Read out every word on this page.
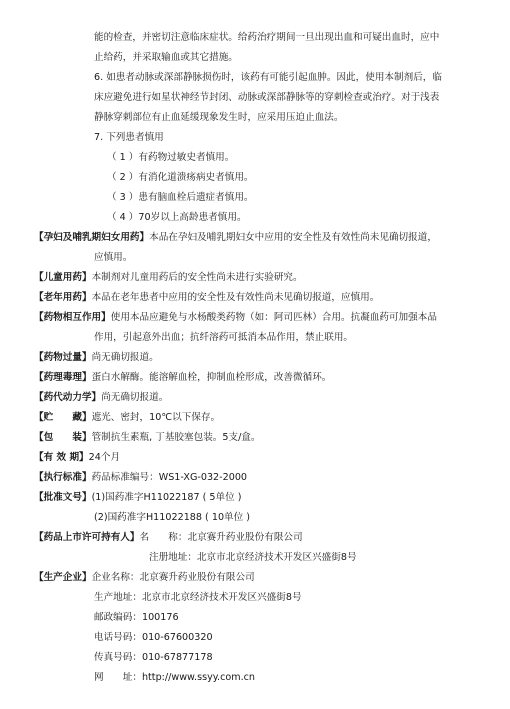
能的检查，并密切注意临床症状。给药治疗期间一旦出现出血和可疑出血时，应中
止给药，并采取输血或其它措施。
6. 如患者动脉或深部静脉损伤时，该药有可能引起血肿。因此，使用本制剂后，临
床应避免进行如星状神经节封闭、动脉或深部静脉等的穿刺检查或治疗。对于浅表
静脉穿刺部位有止血延缓现象发生时，应采用压迫止血法。
7. 下列患者慎用
（ 1 ）有药物过敏史者慎用。
（ 2 ）有消化道溃疡病史者慎用。
（ 3 ）患有脑血栓后遗症者慎用。
（ 4 ）70岁以上高龄患者慎用。
【孕妇及哺乳期妇女用药】本品在孕妇及哺乳期妇女中应用的安全性及有效性尚未见确切报道，
应慎用。
【儿童用药】本制剂对儿童用药后的安全性尚未进行实验研究。
【老年用药】本品在老年患者中应用的安全性及有效性尚未见确切报道，应慎用。
【药物相互作用】使用本品应避免与水杨酸类药物（如：阿司匹林）合用。抗凝血药可加强本品
作用，引起意外出血；抗纤溶药可抵消本品作用，禁止联用。
【药物过量】尚无确切报道。
【药理毒理】蛋白水解酶。能溶解血栓，抑制血栓形成，改善微循环。
【药代动力学】尚无确切报道。
【贮　　藏】遮光、密封，10℃以下保存。
【包　　装】管制抗生素瓶, 丁基胶塞包装。5支/盒。
【有 效 期】24个月
【执行标准】药品标准编号：WS1-XG-032-2000
【批准文号】(1)国药准字H11022187 ( 5单位 )
(2)国药准字H11022188 ( 10单位 )
【药品上市许可持有人】名　　称：北京赛升药业股份有限公司
注册地址：北京市北京经济技术开发区兴盛街8号
【生产企业】企业名称：北京赛升药业股份有限公司
生产地址：北京市北京经济技术开发区兴盛街8号
邮政编码：100176
电话号码：010-67600320
传真号码：010-67877178
网　　址：http://www.ssyy.com.cn
